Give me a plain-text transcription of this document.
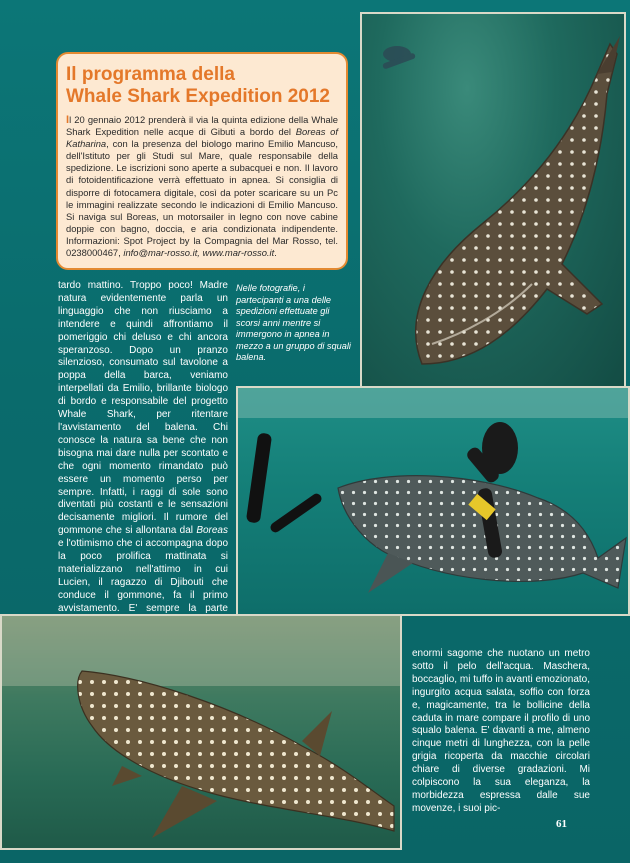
Il programma della
Whale Shark Expedition 2012
Il 20 gennaio 2012 prenderà il via la quinta edizione della Whale Shark Expedition nelle acque di Gibuti a bordo del Boreas of Katharina, con la presenza del biologo marino Emilio Mancuso, dell'Istituto per gli Studi sul Mare, quale responsabile della spedizione. Le iscrizioni sono aperte a subacquei e non. Il lavoro di fotoidentificazione verrà effettuato in apnea. Si consiglia di disporre di fotocamera digitale, così da poter scaricare su un Pc le immagini realizzate secondo le indicazioni di Emilio Mancuso. Si naviga sul Boreas, un motorsailer in legno con nove cabine doppie con bagno, doccia, e aria condizionata indipendente. Informazioni: Spot Project by la Compagnia del Mar Rosso, tel. 0238000467, info@mar-rosso.it, www.mar-rosso.it.

tardo mattino. Troppo poco! Madre natura evidentemente parla un linguaggio che non riusciamo a intendere e quindi affrontiamo il pomeriggio chi deluso e chi ancora speranzoso. Dopo un pranzo silenzioso, consumato sul tavolone a poppa della barca, veniamo interpellati da Emilio, brillante biologo di bordo e responsabile del progetto Whale Shark, per ritentare l'avvistamento del balena. Chi conosce la natura sa bene che non bisogna mai dare nulla per scontato e che ogni momento rimandato può essere un momento perso per sempre. Infatti, i raggi di sole sono diventati più costanti e le sensazioni decisamente migliori. Il rumore del gommone che si allontana dal Boreas e l'ottimismo che ci accompagna dopo la poco prolifica mattinata si materializzano nell'attimo in cui Lucien, il ragazzo di Djibouti che conduce il gommone, fa il primo avvistamento. E' sempre la parte

Nelle fotografie, i partecipanti a una delle spedizioni effettuate gli scorsi anni mentre si immergono in apnea in mezzo a un gruppo di squali balena.

enormi sagome che nuotano un metro sotto il pelo dell'acqua. Maschera, boccaglio, mi tuffo in avanti emozionato, ingurgito acqua salata, soffio con forza e, magicamente, tra le bollicine della caduta in mare compare il profilo di uno squalo balena. E' davanti a me, almeno cinque metri di lunghezza, con la pelle grigia ricoperta da macchie circolari chiare di diverse gradazioni. Mi colpiscono la sua eleganza, la morbidezza espressa dalle sue movenze, i suoi pic-

61
